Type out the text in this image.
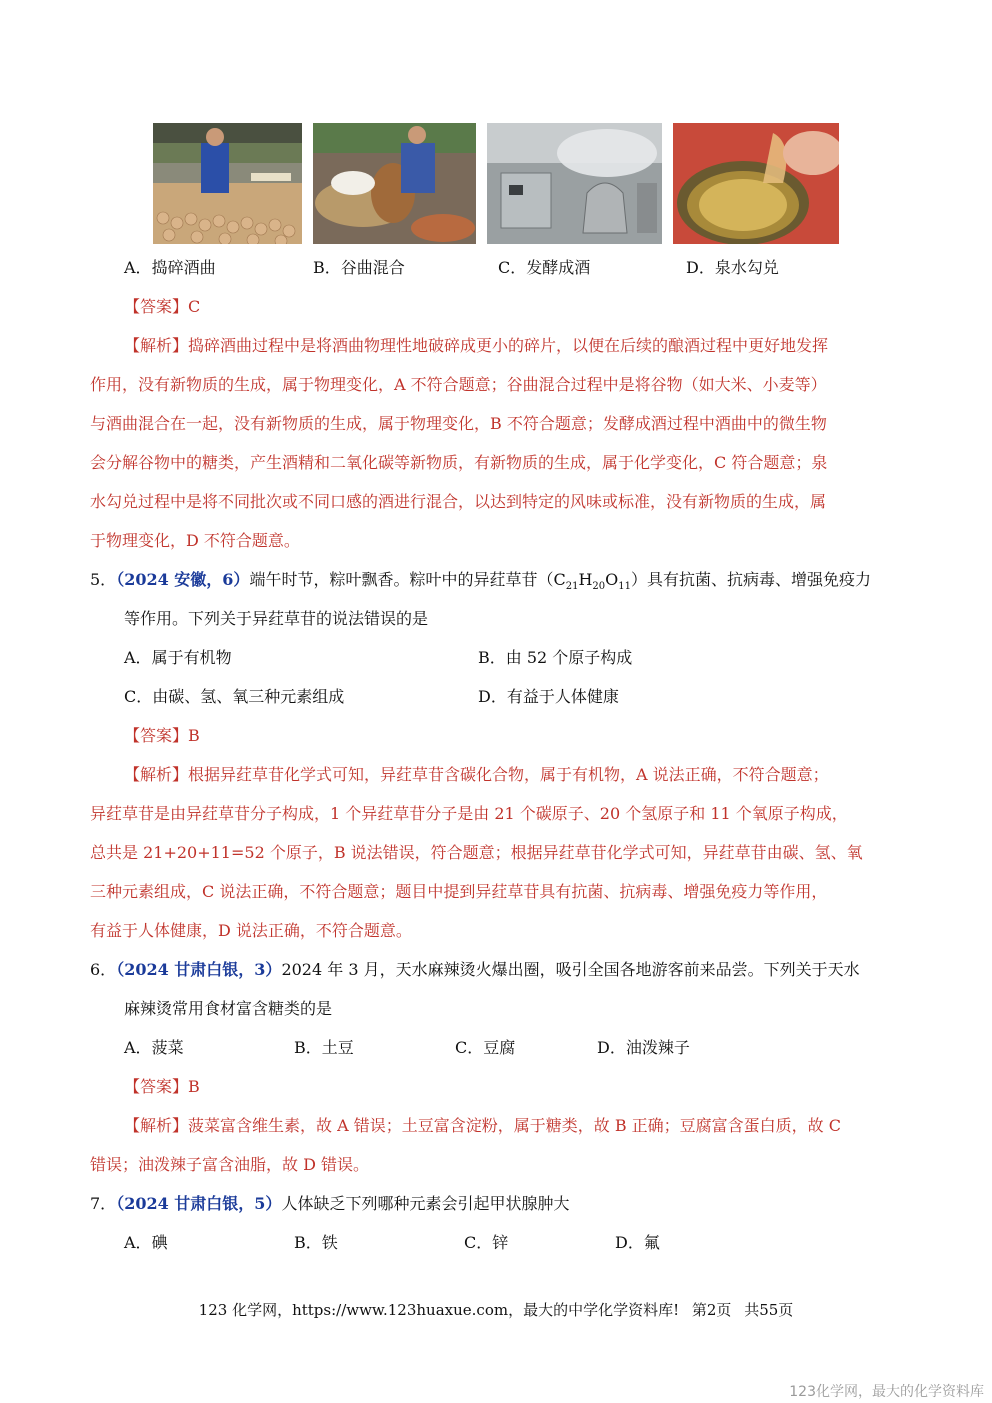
A．捣碎酒曲	B．谷曲混合	C．发酵成酒	D．泉水勾兑
【答案】C
【解析】捣碎酒曲过程中是将酒曲物理性地破碎成更小的碎片，以便在后续的酿酒过程中更好地发挥
作用，没有新物质的生成，属于物理变化，A 不符合题意；谷曲混合过程中是将谷物（如大米、小麦等）
与酒曲混合在一起，没有新物质的生成，属于物理变化，B 不符合题意；发酵成酒过程中酒曲中的微生物
会分解谷物中的糖类，产生酒精和二氧化碳等新物质，有新物质的生成，属于化学变化，C 符合题意；泉
水勾兑过程中是将不同批次或不同口感的酒进行混合，以达到特定的风味或标准，没有新物质的生成，属
于物理变化，D 不符合题意。
5．（2024 安徽，6）端午时节，粽叶飘香。粽叶中的异荭草苷$(C_{21}H_{20}O_{11})$具有抗菌、抗病毒、增强免疫力
等作用。下列关于异荭草苷的说法错误的是
A．属于有机物	B．由 52 个原子构成
C．由碳、氢、氧三种元素组成	D．有益于人体健康
【答案】B
【解析】根据异荭草苷化学式可知，异荭草苷含碳化合物，属于有机物，A 说法正确，不符合题意；
异荭草苷是由异荭草苷分子构成，1 个异荭草苷分子是由 21 个碳原子、20 个氢原子和 11 个氧原子构成，
总共是 21+20+11=52 个原子，B 说法错误，符合题意；根据异荭草苷化学式可知，异荭草苷由碳、氢、氧
三种元素组成，C 说法正确，不符合题意；题目中提到异荭草苷具有抗菌、抗病毒、增强免疫力等作用，
有益于人体健康，D 说法正确，不符合题意。
6．（2024 甘肃白银，3）2024 年 3 月，天水麻辣烫火爆出圈，吸引全国各地游客前来品尝。下列关于天水
麻辣烫常用食材富含糖类的是
A．菠菜	B．土豆	C．豆腐	D．油泼辣子
【答案】B
【解析】菠菜富含维生素，故 A 错误；土豆富含淀粉，属于糖类，故 B 正确；豆腐富含蛋白质，故 C
错误；油泼辣子富含油脂，故 D 错误。
7．（2024 甘肃白银，5）人体缺乏下列哪种元素会引起甲状腺肿大
A．碘	B．铁	C．锌	D．氟
123 化学网，https://www.123huaxue.com，最大的中学化学资料库! 第2页 共55页
123化学网，最大的化学资料库
